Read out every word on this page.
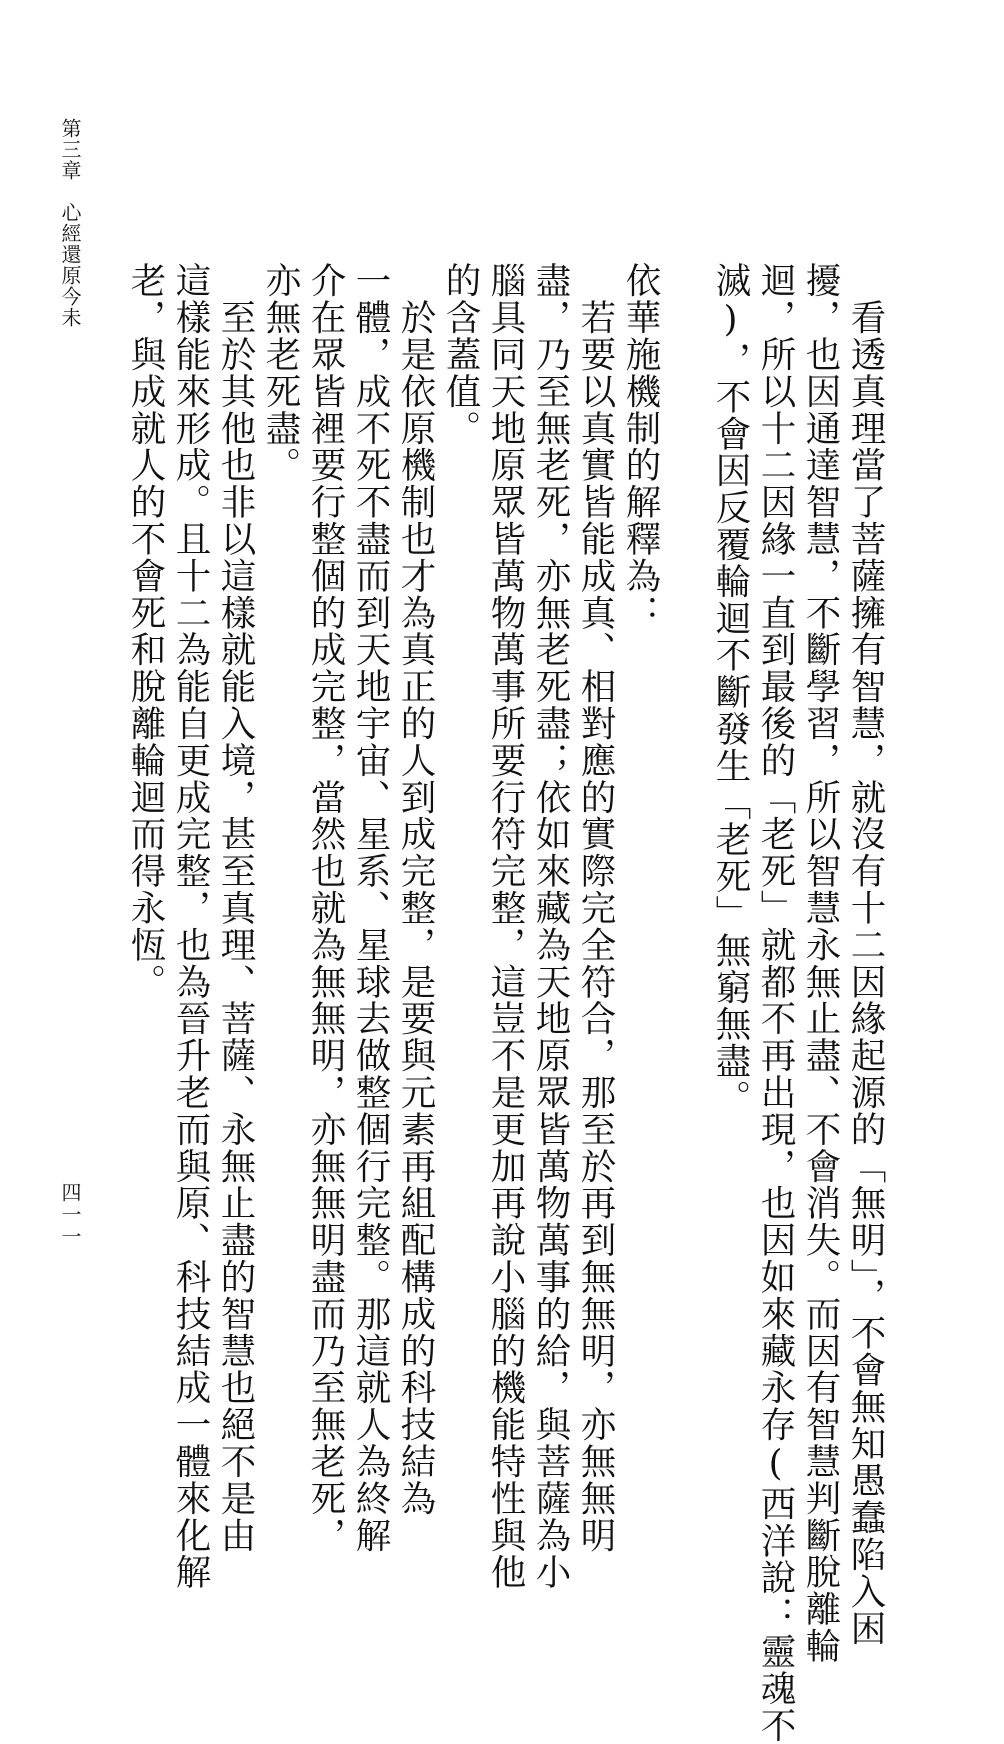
第三章　心經還原今未
四一一	　看透真理當了菩薩擁有智慧，就沒有十二因緣起源的「無明」，不會無知愚蠢陷入困
擾，也因通達智慧，不斷學習，所以智慧永無止盡、不會消失。而因有智慧判斷脫離輪
迴，所以十二因緣一直到最後的「老死」就都不再出現，也因如來藏永存(西洋說：靈魂不
滅)，不會因反覆輪迴不斷發生「老死」無窮無盡。
依華施機制的解釋為：
　若要以真實皆能成真、相對應的實際完全符合，那至於再到無無明，亦無無明
盡，乃至無老死，亦無老死盡；依如來藏為天地原眾皆萬物萬事的給，與菩薩為小
腦具同天地原眾皆萬物萬事所要行符完整，這豈不是更加再說小腦的機能特性與他
的含蓋值。
　於是依原機制也才為真正的人到成完整，是要與元素再組配構成的科技結為
一體，成不死不盡而到天地宇宙、星系、星球去做整個行完整。那這就人為終解
介在眾皆裡要行整個的成完整，當然也就為無無明，亦無無明盡而乃至無老死，
亦無老死盡。
　至於其他也非以這樣就能入境，甚至真理、菩薩、永無止盡的智慧也絕不是由
這樣能來形成。且十二為能自更成完整，也為晉升老而與原、科技結成一體來化解
老，與成就人的不會死和脫離輪迴而得永恆。
